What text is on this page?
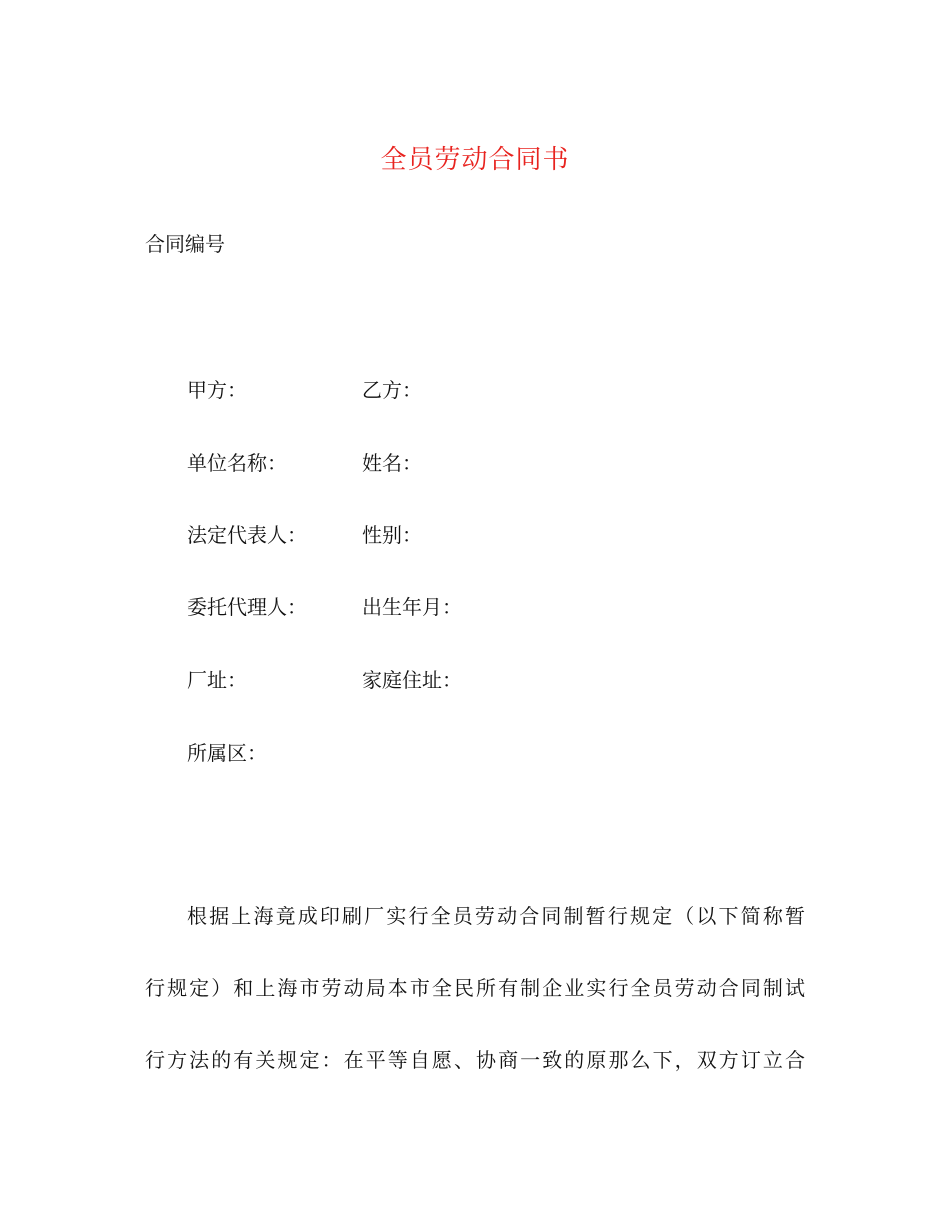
全员劳动合同书
合同编号
甲方：	乙方：
单位名称：	姓名：
法定代表人：	性别：
委托代理人：	出生年月：
厂址：	家庭住址：
所属区：
根据上海竟成印刷厂实行全员劳动合同制暂行规定（以下简称暂
行规定）和上海市劳动局本市全民所有制企业实行全员劳动合同制试
行方法的有关规定：在平等自愿、协商一致的原那么下，双方订立合
